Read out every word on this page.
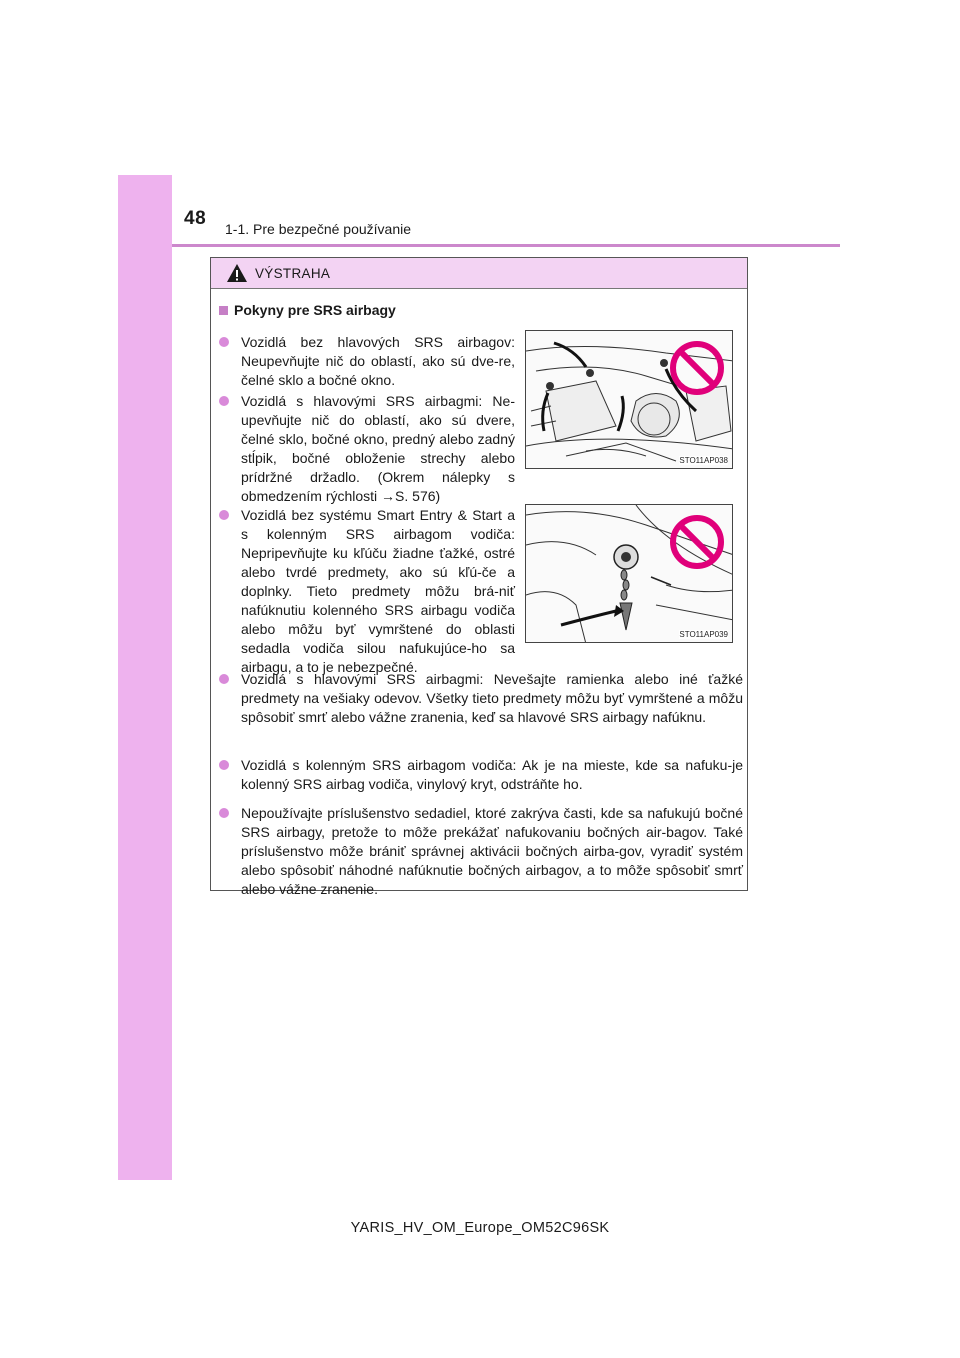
48 1-1. Pre bezpečné používanie
VÝSTRAHA
Pokyny pre SRS airbagy
Vozidlá bez hlavových SRS airbagov: Neupevňujte nič do oblastí, ako sú dve-re, čelné sklo a bočné okno.
Vozidlá s hlavovými SRS airbagmi: Ne-upevňujte nič do oblastí, ako sú dvere, čelné sklo, bočné okno, predný alebo zadný stĺpik, bočné obloženie strechy alebo prídržné držadlo. (Okrem nálepky s obmedzením rýchlosti →S. 576)
Vozidlá bez systému Smart Entry & Start a s kolenným SRS airbagom vodiča: Nepripevňujte ku kľúču žiadne ťažké, ostré alebo tvrdé predmety, ako sú kľú-če a doplnky. Tieto predmety môžu brá-niť nafúknutiu kolenného SRS airbagu vodiča alebo môžu byť vymrštené do oblasti sedadla vodiča silou nafukujúce-ho sa airbagu, a to je nebezpečné.
Vozidlá s hlavovými SRS airbagmi: Nevešajte ramienka alebo iné ťažké predmety na vešiaky odevov. Všetky tieto predmety môžu byť vymrštené a môžu spôsobiť smrť alebo vážne zranenia, keď sa hlavové SRS airbagy nafúknu.
Vozidlá s kolenným SRS airbagom vodiča: Ak je na mieste, kde sa nafuku-je kolenný SRS airbag vodiča, vinylový kryt, odstráňte ho.
Nepoužívajte príslušenstvo sedadiel, ktoré zakrýva časti, kde sa nafukujú bočné SRS airbagy, pretože to môže prekážať nafukovaniu bočných air-bagov. Také príslušenstvo môže brániť správnej aktivácii bočných airba-gov, vyradiť systém alebo spôsobiť náhodné nafúknutie bočných airbagov, a to môže spôsobiť smrť alebo vážne zranenie.
STO11AP038
STO11AP039
YARIS_HV_OM_Europe_OM52C96SK
